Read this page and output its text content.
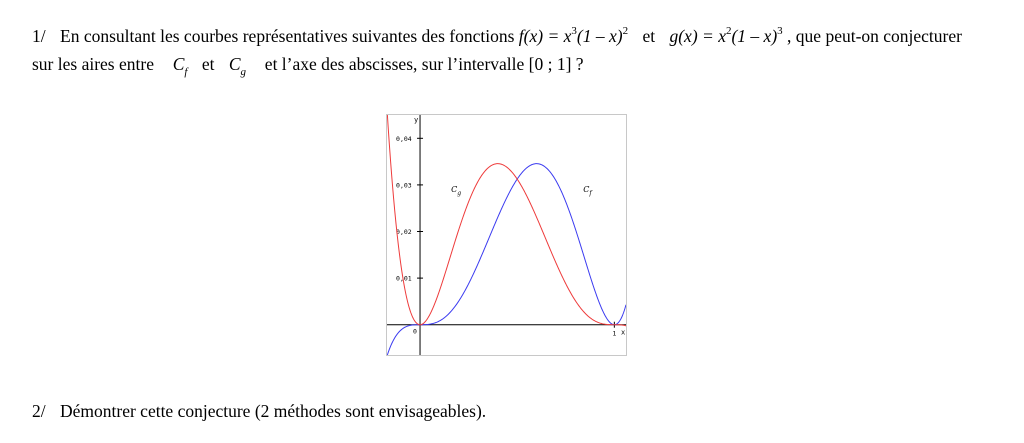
1/ En consultant les courbes représentatives suivantes des fonctions $f(x) = x^3(1 - x)^2$ et $g(x) = x^2(1 - x)^3$ , que peut-on conjecturer
sur les aires entre $C_f$ et $C_g$ et l’axe des abscisses, sur l’intervalle [0 ; 1] ?
x
y
0	1
0,01
0,02
0,03
0,04
$C_g$	$C_f$
2/ Démontrer cette conjecture (2 méthodes sont envisageables).
